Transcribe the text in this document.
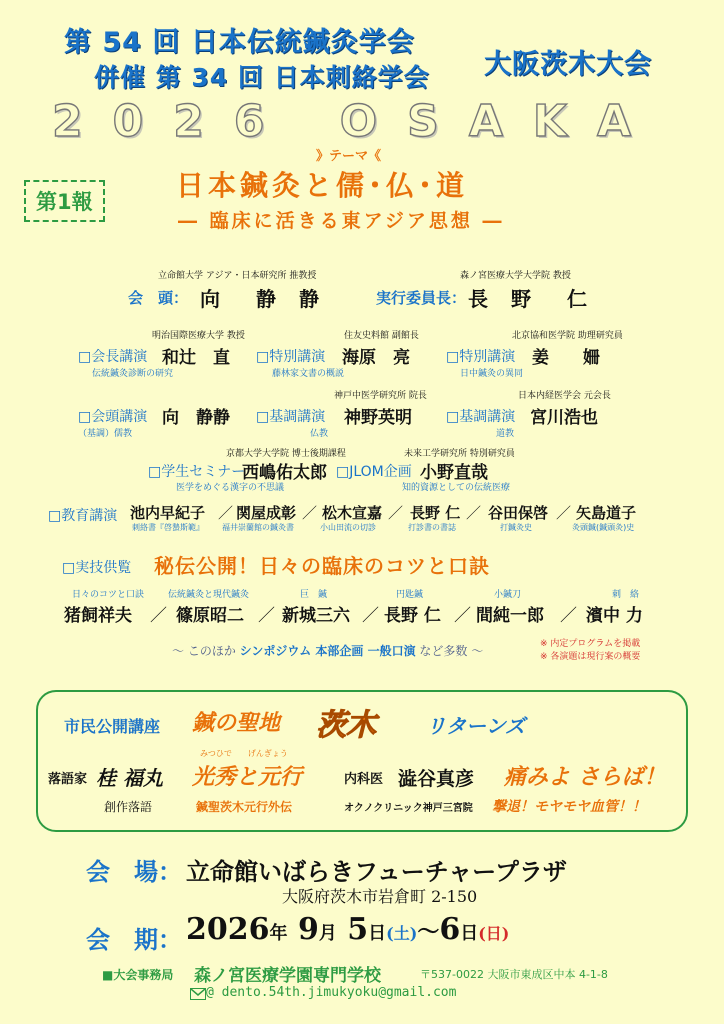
第 54 回 日本伝統鍼灸学会
併催 第 34 回 日本刺絡学会 大阪茨木大会
2026 OSAKA
第1報
》テーマ《
日本鍼灸と儒･仏･道
― 臨床に活きる東アジア思想 ―
立命館大学 アジア・日本研究所 推教授
会　頭： 向　静 静
森ノ宮医療大学大学院 教授
実行委員長： 長 野　仁
明治国際医療大学 教授
□会長講演 和辻　直
伝統鍼灸診断の研究
住友史料館 副館長
□特別講演 海原　亮
藤林家文書の概説
北京協和医学院 助理研究員
□特別講演 姜　　姍
日中鍼灸の異同
□会頭講演 向　静静
（基調）儒教
神戸中医学研究所 院長
□基調講演 神野英明
仏教
日本内経医学会 元会長
□基調講演 宮川浩也
道教
京都大学大学院 博士後期課程
□学生セミナー
西嶋佑太郎
医学をめぐる漢字の不思議
未来工学研究所 特別研究員
□JLOM企画 小野直哉
知的資源としての伝統医療
□教育講演 池内早紀子
刺絡書『啓蟄斯範』
／ 関屋成彰
福井崇蘭館の鍼灸書
／ 松木宣嘉
小山田流の切診
／ 長野 仁
打診書の書誌
／ 谷田保啓
打鍼灸史
／ 矢島道子
灸頭鍼(鍼頭灸)史
□実技供覧 秘伝公開！日々の臨床のコツと口訣
日々のコツと口訣
猪飼祥夫 ／
伝統鍼灸と現代鍼灸
篠原昭二 ／
巨　鍼
新城三六 ／
円匙鍼
長野 仁 ／
小鍼刀
間純一郎 ／
刺　絡
濱中 力
～ このほか シンポジウム 本部企画 一般口演 など多数 ～	※ 内定プログラムを掲載
※ 各演題は現行案の概要
市民公開講座 鍼の聖地 茨木	リターンズ
みつひで　　げんぎょう
落語家 桂 福丸 光秀と元行
創作落語	鍼聖茨木元行外伝
内科医 澁谷真彦 痛みよ さらば！
オクノクリニック神戸三宮院 撃退！モヤモヤ血管！！
会　場： 立命館いばらきフューチャープラザ
大阪府茨木市岩倉町 2-150
会　期： 2026年 9月 5日(土)～6日(日)
■大会事務局 森ノ宮医療学園専門学校	〒537-0022 大阪市東成区中本 4-1-8
@ dento.54th.jimukyoku@gmail.com
